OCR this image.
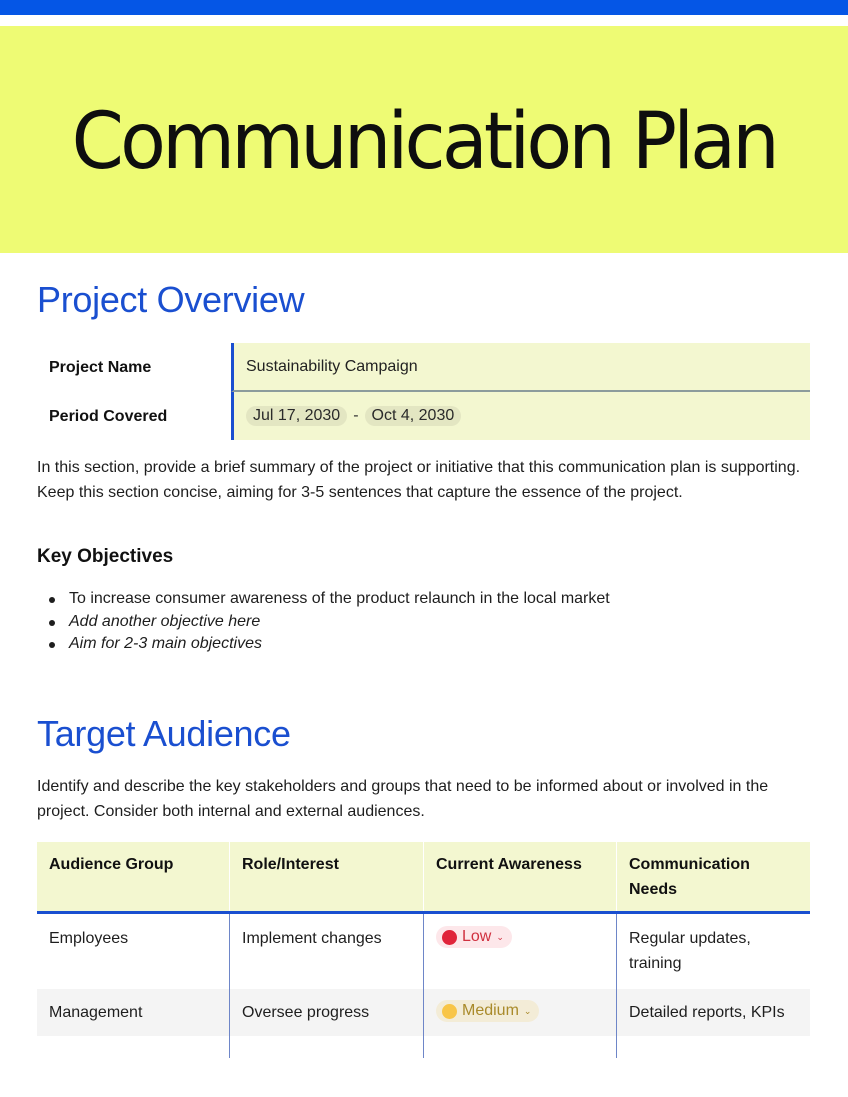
Communication Plan
Project Overview
Project Name	Sustainability Campaign
Period Covered	Jul 17, 2030 - Oct 4, 2030

In this section, provide a brief summary of the project or initiative that this communication plan is supporting. Keep this section concise, aiming for 3-5 sentences that capture the essence of the project.

Key Objectives
To increase consumer awareness of the product relaunch in the local market
Add another objective here
Aim for 2-3 main objectives
Target Audience

Identify and describe the key stakeholders and groups that need to be informed about or involved in the project. Consider both internal and external audiences.

Audience Group	Role/Interest	Current Awareness	Communication Needs
Employees	Implement changes	Low ⌄	Regular updates, training
Management	Oversee progress	Medium ⌄	Detailed reports, KPIs
